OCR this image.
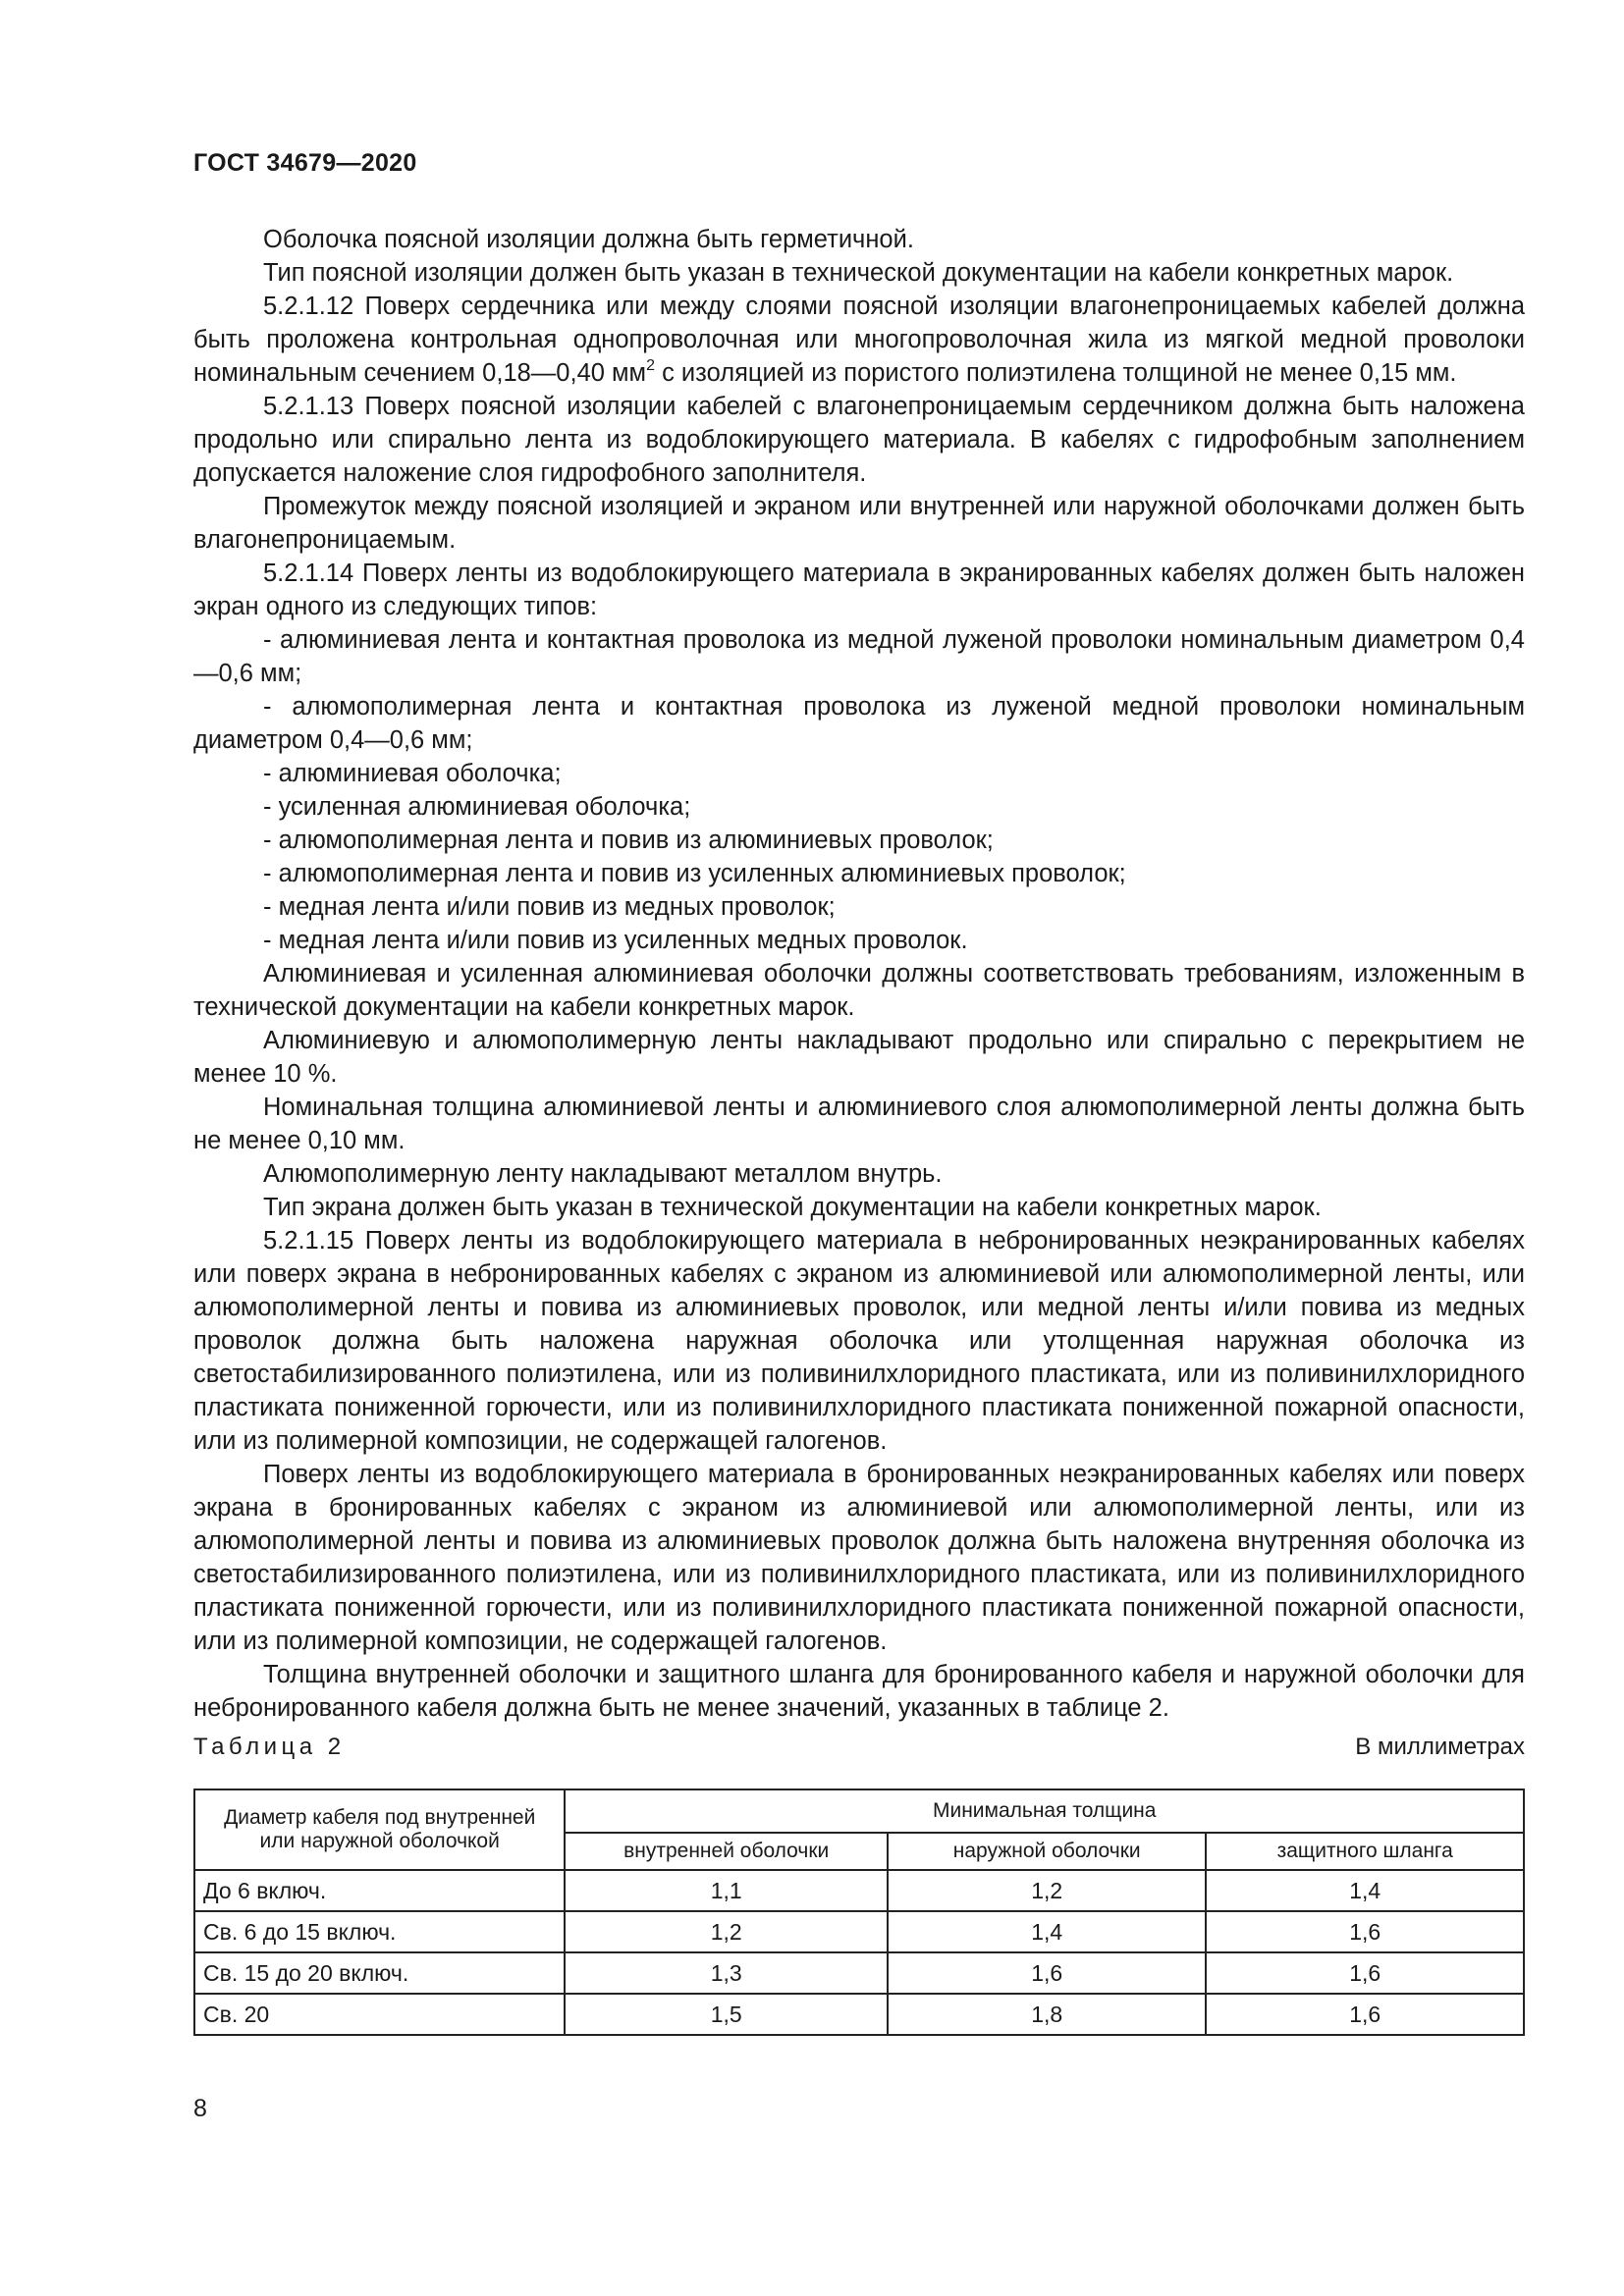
ГОСТ 34679—2020

Оболочка поясной изоляции должна быть герметичной.

Тип поясной изоляции должен быть указан в технической документации на кабели конкретных марок.

5.2.1.12 Поверх сердечника или между слоями поясной изоляции влагонепроницаемых кабелей должна быть проложена контрольная однопроволочная или многопроволочная жила из мягкой медной проволоки номинальным сечением 0,18—0,40 $мм^2$ с изоляцией из пористого полиэтилена толщиной не менее 0,15 мм.

5.2.1.13 Поверх поясной изоляции кабелей с влагонепроницаемым сердечником должна быть наложена продольно или спирально лента из водоблокирующего материала. В кабелях с гидрофобным заполнением допускается наложение слоя гидрофобного заполнителя.

Промежуток между поясной изоляцией и экраном или внутренней или наружной оболочками должен быть влагонепроницаемым.

5.2.1.14 Поверх ленты из водоблокирующего материала в экранированных кабелях должен быть наложен экран одного из следующих типов:

- алюминиевая лента и контактная проволока из медной луженой проволоки номинальным диаметром 0,4—0,6 мм;

- алюмополимерная лента и контактная проволока из луженой медной проволоки номинальным диаметром 0,4—0,6 мм;

- алюминиевая оболочка;

- усиленная алюминиевая оболочка;

- алюмополимерная лента и повив из алюминиевых проволок;

- алюмополимерная лента и повив из усиленных алюминиевых проволок;

- медная лента и/или повив из медных проволок;

- медная лента и/или повив из усиленных медных проволок.

Алюминиевая и усиленная алюминиевая оболочки должны соответствовать требованиям, изложенным в технической документации на кабели конкретных марок.

Алюминиевую и алюмополимерную ленты накладывают продольно или спирально с перекрытием не менее 10 %.

Номинальная толщина алюминиевой ленты и алюминиевого слоя алюмополимерной ленты должна быть не менее 0,10 мм.

Алюмополимерную ленту накладывают металлом внутрь.

Тип экрана должен быть указан в технической документации на кабели конкретных марок.

5.2.1.15 Поверх ленты из водоблокирующего материала в небронированных неэкранированных кабелях или поверх экрана в небронированных кабелях с экраном из алюминиевой или алюмополимерной ленты, или алюмополимерной ленты и повива из алюминиевых проволок, или медной ленты и/или повива из медных проволок должна быть наложена наружная оболочка или утолщенная наружная оболочка из светостабилизированного полиэтилена, или из поливинилхлоридного пластиката, или из поливинилхлоридного пластиката пониженной горючести, или из поливинилхлоридного пластиката пониженной пожарной опасности, или из полимерной композиции, не содержащей галогенов.

Поверх ленты из водоблокирующего материала в бронированных неэкранированных кабелях или поверх экрана в бронированных кабелях с экраном из алюминиевой или алюмополимерной ленты, или из алюмополимерной ленты и повива из алюминиевых проволок должна быть наложена внутренняя оболочка из светостабилизированного полиэтилена, или из поливинилхлоридного пластиката, или из поливинилхлоридного пластиката пониженной горючести, или из поливинилхлоридного пластиката пониженной пожарной опасности, или из полимерной композиции, не содержащей галогенов.

Толщина внутренней оболочки и защитного шланга для бронированного кабеля и наружной оболочки для небронированного кабеля должна быть не менее значений, указанных в таблице 2.

Таблица 2	В миллиметрах
Диаметр кабеля под внутренней или наружной оболочкой	Минимальная толщина		
	внутренней оболочки	наружной оболочки	защитного шланга
До 6 включ.	1,1	1,2	1,4
Св. 6 до 15 включ.	1,2	1,4	1,6
Св. 15 до 20 включ.	1,3	1,6	1,6
Св. 20	1,5	1,8	1,6
8
